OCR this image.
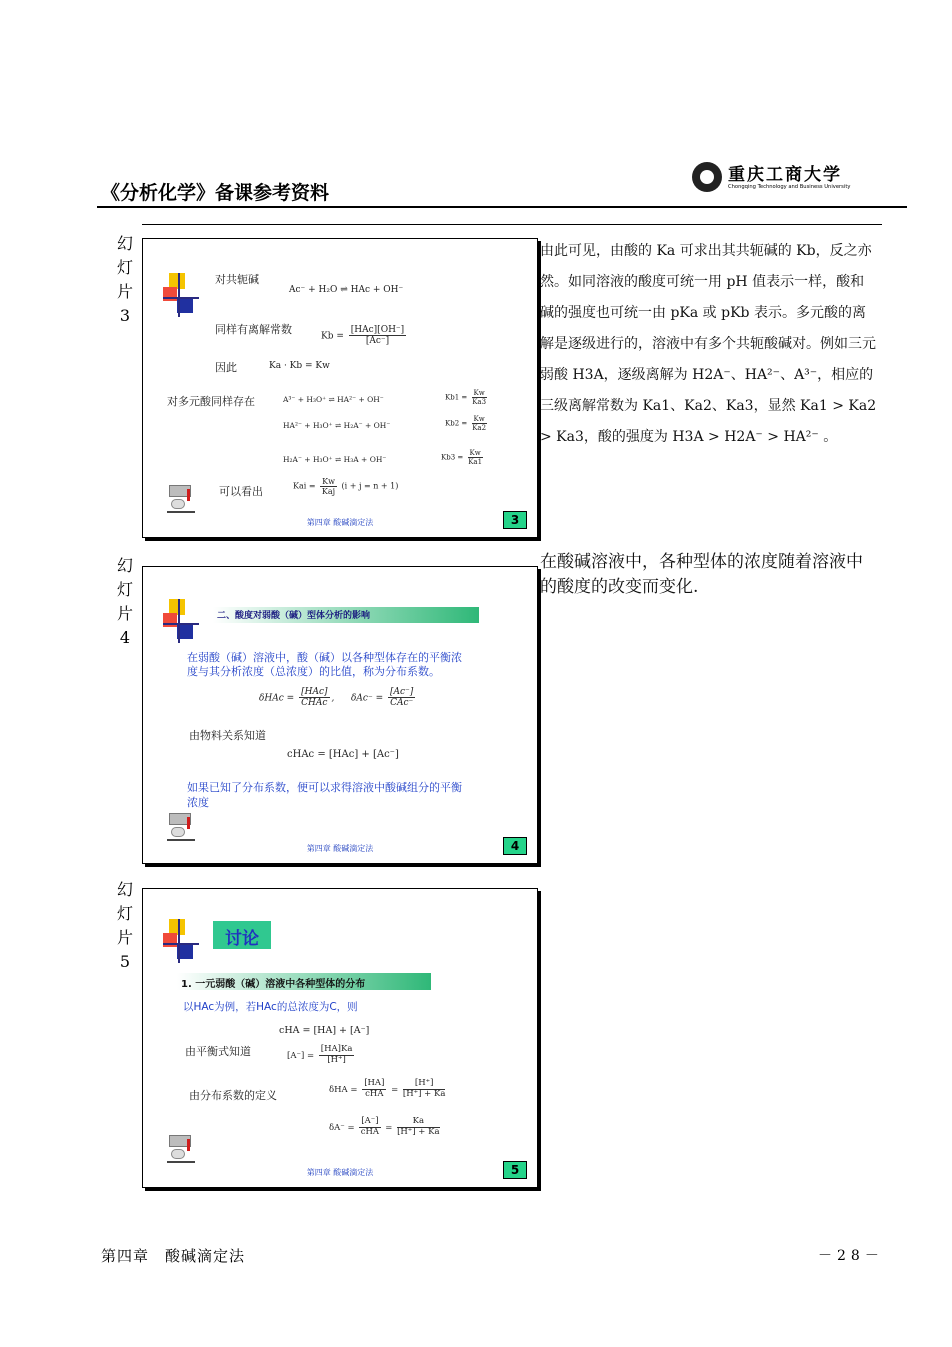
《分析化学》备课参考资料
重庆工商大学
Chongqing Technology and Business University
幻
灯
片
3
对共轭碱
Ac⁻ + H₂O ⇌ HAc + OH⁻
同样有离解常数
$Kb = \frac{\text{[HAc][OH⁻]}}{[Ac^-]}$
因此	Ka · Kb = Kw
对多元酸同样存在	A³⁻ + H₃O⁺ ⇌ HA²⁻ + OH⁻
HA²⁻ + H₃O⁺ ⇌ H₂A⁻ + OH⁻
H₂A⁻ + H₃O⁺ ⇌ H₃A + OH⁻
$Kb1 = \frac{Kw}{Ka3}$
$Kb2 = \frac{Kw}{Ka2}$
$Kb3 = \frac{Kw}{Ka1}$
可以看出	Kai = $\frac{Kw}{\text{Kaj}} (i + j = n + 1)$
第四章 酸碱滴定法	3
由此可见，由酸的 Ka 可求出其共轭碱的 Kb，反之亦然。如同溶液的酸度可统一用 pH 值表示一样，酸和碱的强度也可统一由 pKa 或 pKb 表示。多元酸的离解是逐级进行的，溶液中有多个共轭酸碱对。例如三元弱酸 H3A，逐级离解为 H2A⁻、HA²⁻、A³⁻，相应的三级离解常数为 Ka1、Ka2、Ka3，显然 Ka1 > Ka2 > Ka3，酸的强度为 H3A > H2A⁻ > HA²⁻ 。
幻
灯
片
4
二、酸度对弱酸（碱）型体分析的影响
在弱酸（碱）溶液中，酸（碱）以各种型体存在的平衡浓
度与其分析浓度（总浓度）的比值，称为分布系数。
$\delta HAc = \frac{\text{[HAc]}}{\text{CHAc}}$ , $\delta Ac^- = \frac{[Ac^-]}{\text{CAc⁻}}$
由物料关系知道
cHAc = [HAc] + [Ac⁻]
如果已知了分布系数，便可以求得溶液中酸碱组分的平衡
浓度
第四章 酸碱滴定法	4
在酸碱溶液中，各种型体的浓度随着溶液中的酸度的改变而变化.
幻
灯
片
5
讨论
1. 一元弱酸（碱）溶液中各种型体的分布
以HAc为例，若HAc的总浓度为C，则
cHA = [HA] + [A⁻]
由平衡式知道	$[A^-] = \frac{[HA]Ka}{[H^+]}$
由分布系数的定义	$\delta HA = \frac{[HA]}{\text{cHA}} = \frac{[H^+]}{[H^+] + Ka}$
$\delta A^- = \frac{[A^-]}{\text{cHA}} = \frac{Ka}{[H^+] + Ka}$
第四章 酸碱滴定法	5
第四章　酸碱滴定法	－28－
